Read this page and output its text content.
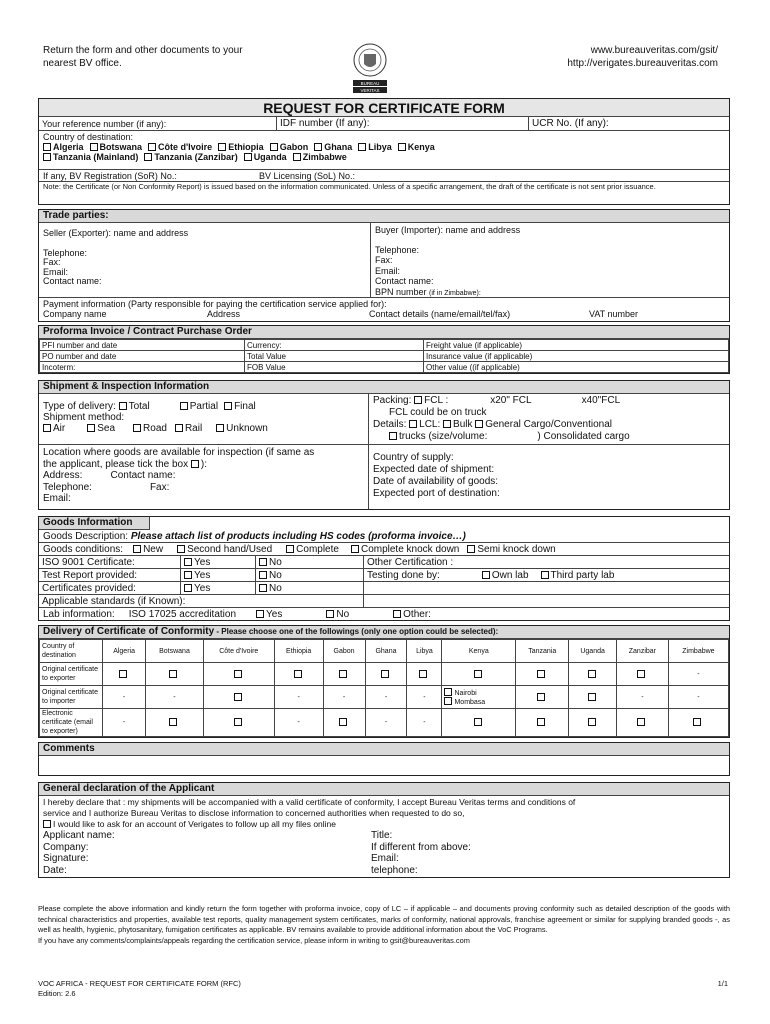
Return the form and other documents to your
nearest BV office.
BUREAU
VERITAS
www.bureauveritas.com/gsit/
http://verigates.bureauveritas.com
REQUEST FOR CERTIFICATE FORM
Your reference number (if any):	IDF number (If any):	UCR No. (If any):
Country of destination:
Algeria Botswana Côte d'Ivoire Ethiopia Gabon Ghana Libya Kenya
Tanzania (Mainland) Tanzania (Zanzibar) Uganda Zimbabwe
If any, BV Registration (SoR) No.:	BV Licensing (SoL) No.:
Note: the Certificate (or Non Conformity Report) is issued based on the information communicated. Unless of a specific arrangement, the draft of the certificate is not sent prior issuance.
Trade parties:
Seller (Exporter): name and address
Telephone:
Fax:
Email:
Contact name:
Buyer (Importer): name and address
Telephone:
Fax:
Email:
Contact name:
BPN number (if in Zimbabwe):
Payment information (Party responsible for paying the certification service applied for):
Company name	Address	Contact details (name/email/tel/fax)	VAT number
Proforma Invoice / Contract Purchase Order
PFI number and date	Currency:	Freight value (if applicable)
PO number and date	Total Value	Insurance value (if applicable)
Incoterm:	FOB Value	Other value ((if applicable)
Shipment & Inspection Information
Type of delivery: Total	Partial Final
Shipment method:
Air	Sea	Road Rail Unknown
Packing: FCL :	x20" FCL	x40"FCL
FCL could be on truck
Details: LCL: Bulk General Cargo/Conventional
trucks (size/volume:	) Consolidated cargo
Location where goods are available for inspection (if same as
the applicant, please tick the box ):
Address:	Contact name:
Telephone:	Fax:
Email:
Country of supply:
Expected date of shipment:
Date of availability of goods:
Expected port of destination:
Goods Information
Goods Description:
Please attach list of products including HS codes (proforma invoice…)
Goods conditions: New Second hand/Used Complete Complete knock down Semi knock down
ISO 9001 Certificate:	Yes	No	Other Certification :
Test Report provided:	Yes	No	Testing done by:	Own lab Third party lab
Certificates provided:	Yes	No
Applicable standards (if Known):
Lab information: ISO 17025 accreditation	Yes	No	Other:
Delivery of Certificate of Conformity - Please choose one of the followings (only one option could be selected):
Country of destination	Algeria	Botswana	Côte d'Ivoire	Ethiopia	Gabon	Ghana	Libya	Kenya	Tanzania	Uganda	Zanzibar	Zimbabwe
Original certificate to exporter												-
Original certificate to importer	-	-		-	-	-	-	Nairobi
Mombasa			-	-
Electronic certificate (email to exporter)	-			-		-	-					
Comments
General declaration of the Applicant
I hereby declare that : my shipments will be accompanied with a valid certificate of conformity, I accept Bureau Veritas terms and conditions of
service and I authorize Bureau Veritas to disclose information to concerned authorities when requested to do so,
I would like to ask for an account of Verigates to follow up all my files online
Applicant name:
Company:
Signature:
Date:
Title:
If different from above:
Email:
telephone:
Please complete the above information and kindly return the form together with proforma invoice, copy of LC – if applicable – and documents proving conformity such as detailed description of the goods with technical characteristics and properties, available test reports, quality management system certificates, marks of conformity, national approvals, franchise agreement or similar for supplying branded goods -, as well as health, hygienic, phytosanitary, fumigation certificates as applicable. BV remains available to provide additional information about the VoC Programs.
If you have any comments/complaints/appeals regarding the certification service, please inform in writing to gsit@bureauveritas.com
VOC AFRICA - REQUEST FOR CERTIFICATE FORM (RFC)
Edition: 2.6
1/1
